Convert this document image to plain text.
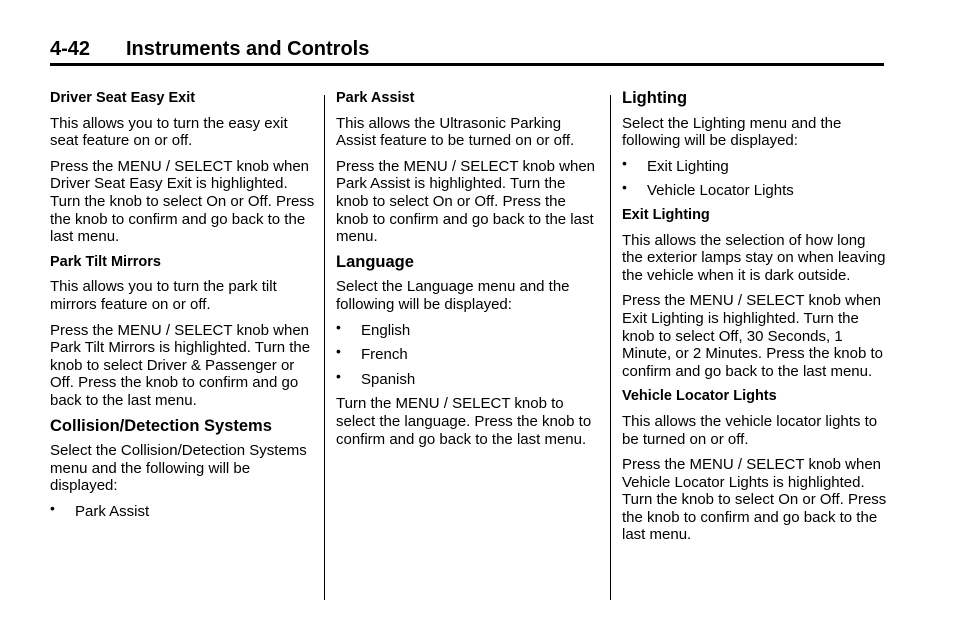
4-42 Instruments and Controls
Driver Seat Easy Exit

This allows you to turn the easy exit seat feature on or off.

Press the MENU / SELECT knob when Driver Seat Easy Exit is highlighted. Turn the knob to select On or Off. Press the knob to confirm and go back to the last menu.

Park Tilt Mirrors

This allows you to turn the park tilt mirrors feature on or off.

Press the MENU / SELECT knob when Park Tilt Mirrors is highlighted. Turn the knob to select Driver & Passenger or Off. Press the knob to confirm and go back to the last menu.

Collision/Detection Systems

Select the Collision/Detection Systems menu and the following will be displayed:

• Park Assist
Park Assist

This allows the Ultrasonic Parking Assist feature to be turned on or off.

Press the MENU / SELECT knob when Park Assist is highlighted. Turn the knob to select On or Off. Press the knob to confirm and go back to the last menu.

Language

Select the Language menu and the following will be displayed:

• English
• French
• Spanish

Turn the MENU / SELECT knob to select the language. Press the knob to confirm and go back to the last menu.

Lighting

Select the Lighting menu and the following will be displayed:

• Exit Lighting
• Vehicle Locator Lights
Exit Lighting

This allows the selection of how long the exterior lamps stay on when leaving the vehicle when it is dark outside.

Press the MENU / SELECT knob when Exit Lighting is highlighted. Turn the knob to select Off, 30 Seconds, 1 Minute, or 2 Minutes. Press the knob to confirm and go back to the last menu.

Vehicle Locator Lights

This allows the vehicle locator lights to be turned on or off.

Press the MENU / SELECT knob when Vehicle Locator Lights is highlighted. Turn the knob to select On or Off. Press the knob to confirm and go back to the last menu.
